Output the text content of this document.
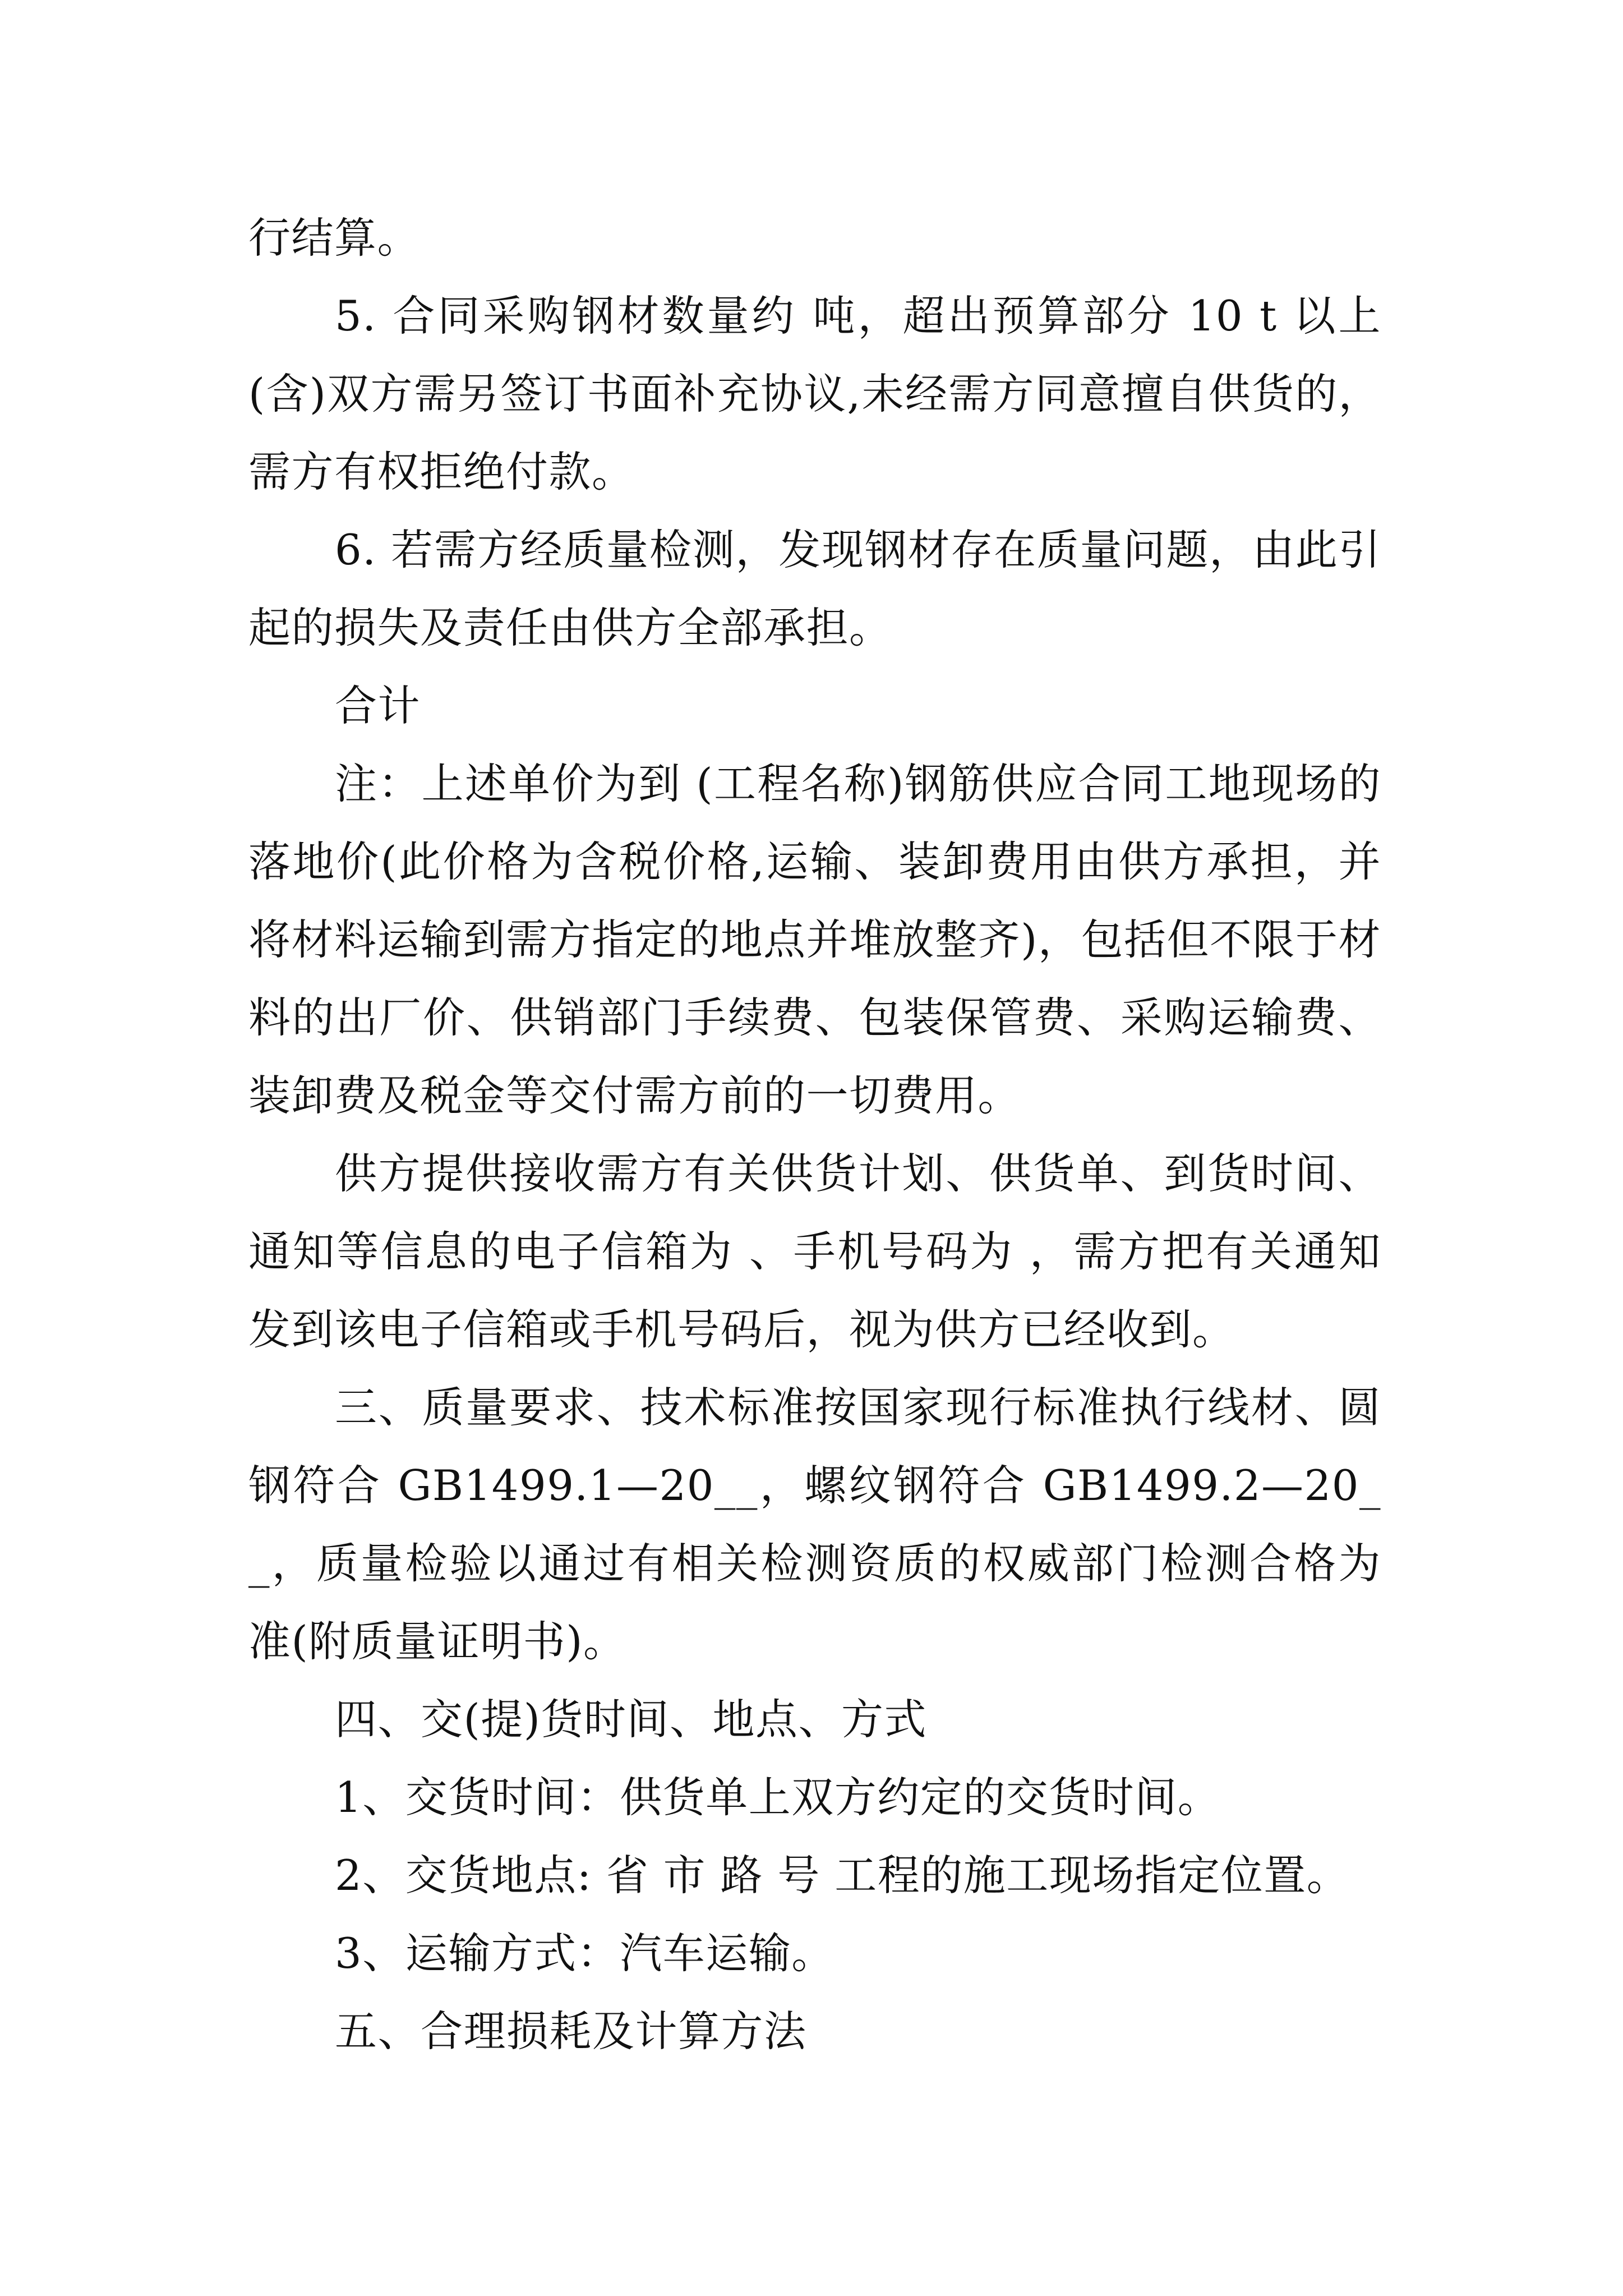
行结算。

5. 合同采购钢材数量约 吨，超出预算部分 10 t 以上(含)双方需另签订书面补充协议,未经需方同意擅自供货的，需方有权拒绝付款。

6. 若需方经质量检测，发现钢材存在质量问题，由此引起的损失及责任由供方全部承担。

合计

注：上述单价为到 (工程名称)钢筋供应合同工地现场的落地价(此价格为含税价格,运输、装卸费用由供方承担，并将材料运输到需方指定的地点并堆放整齐)，包括但不限于材料的出厂价、供销部门手续费、包装保管费、采购运输费、装卸费及税金等交付需方前的一切费用。

供方提供接收需方有关供货计划、供货单、到货时间、通知等信息的电子信箱为 、手机号码为 ，需方把有关通知发到该电子信箱或手机号码后，视为供方已经收到。

三、质量要求、技术标准按国家现行标准执行线材、圆钢符合 GB1499.1—20__，螺纹钢符合 GB1499.2—20__，质量检验以通过有相关检测资质的权威部门检测合格为准(附质量证明书)。

四、交(提)货时间、地点、方式

1、交货时间：供货单上双方约定的交货时间。

2、交货地点: 省 市 路 号 工程的施工现场指定位置。

3、运输方式：汽车运输。

五、合理损耗及计算方法
